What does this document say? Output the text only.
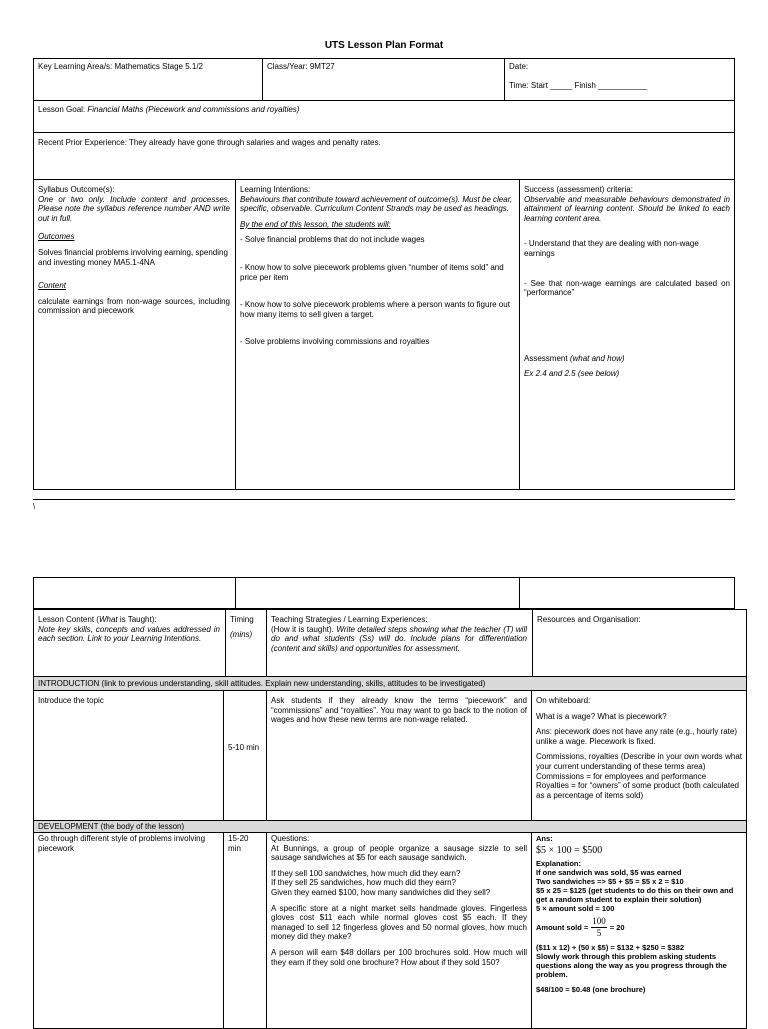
UTS Lesson Plan Format
Key Learning Area/s: Mathematics Stage 5.1/2	Class/Year: 9MT27	Date:
Time: Start _____ Finish ___________
Lesson Goal: Financial Maths (Piecework and commissions and royalties)
Recent Prior Experience: They already have gone through salaries and wages and penalty rates.
Syllabus Outcome(s):

One or two only. Include content and processes. Please note the syllabus reference number AND write out in full.

Outcomes

Solves financial problems involving earning, spending and investing money MA5.1-4NA

Content

calculate earnings from non-wage sources, including commission and piecework

Learning Intentions:

Behaviours that contribute toward achievement of outcome(s). Must be clear, specific, observable. Curriculum Content Strands may be used as headings.

By the end of this lesson, the students will:

- Solve financial problems that do not include wages

- Know how to solve piecework problems given “number of items sold” and price per item

- Know how to solve piecework problems where a person wants to figure out how many items to sell given a target.

- Solve problems involving commissions and royalties

Success (assessment) criteria:

Observable and measurable behaviours demonstrated in attainment of learning content. Should be linked to each learning content area.

- Understand that they are dealing with non-wage earnings

- See that non-wage earnings are calculated based on “performance”

Assessment (what and how)

Ex 2.4 and 2.5 (see below)

\
Lesson Content (What is Taught):
Note key skills, concepts and values addressed in each section. Link to your Learning Intentions.
Timing
(mins)
Teaching Strategies / Learning Experiences:
(How it is taught). Write detailed steps showing what the teacher (T) will do and what students (Ss) will do. Include plans for differentiation (content and skills) and opportunities for assessment.
Resources and Organisation:
INTRODUCTION (link to previous understanding, skill attitudes. Explain new understanding, skills, attitudes to be investigated)
Introduce the topic
5-10 min
Ask students if they already know the terms “piecework” and “commissions” and “royalties”. You may want to go back to the notion of wages and how these new terms are non-wage related.

On whiteboard:

What is a wage? What is piecework?

Ans: piecework does not have any rate (e.g., hourly rate) unlike a wage. Piecework is fixed.

Commissions, royalties (Describe in your own words what your current understanding of these terms area)
Commissions = for employees and performance
Royalties = for “owners” of some product (both calculated as a percentage of items sold)
DEVELOPMENT (the body of the lesson)
Go through different style of problems involving piecework
15-20 min
Questions:

At Bunnings, a group of people organize a sausage sizzle to sell sausage sandwiches at $5 for each sausage sandwich.

If they sell 100 sandwiches, how much did they earn?
If they sell 25 sandwiches, how much did they earn?

Given they earned $100, how many sandwiches did they sell?

A specific store at a night market sells handmade gloves. Fingerless gloves cost $11 each while normal gloves cost $5 each. If they managed to sell 12 fingerless gloves and 50 normal gloves, how much money did they make?

A person will earn $48 dollars per 100 brochures sold. How much will they earn if they sold one brochure? How about if they sold 150?

Ans:
$5 × 100 = $500
Explanation:
If one sandwich was sold, $5 was earned
Two sandwiches => $5 + $5 = $5 x 2 = $10
$5 x 25 = $125 (get students to do this on their own and get a random student to explain their solution)
5 × amount sold = 100
Amount sold = $\frac{100}{5} = 20$
($11 x 12) + (50 x $5) = $132 + $250 = $382
Slowly work through this problem asking students questions along the way as you progress through the problem.
$48/100 = $0.48 (one brochure)
